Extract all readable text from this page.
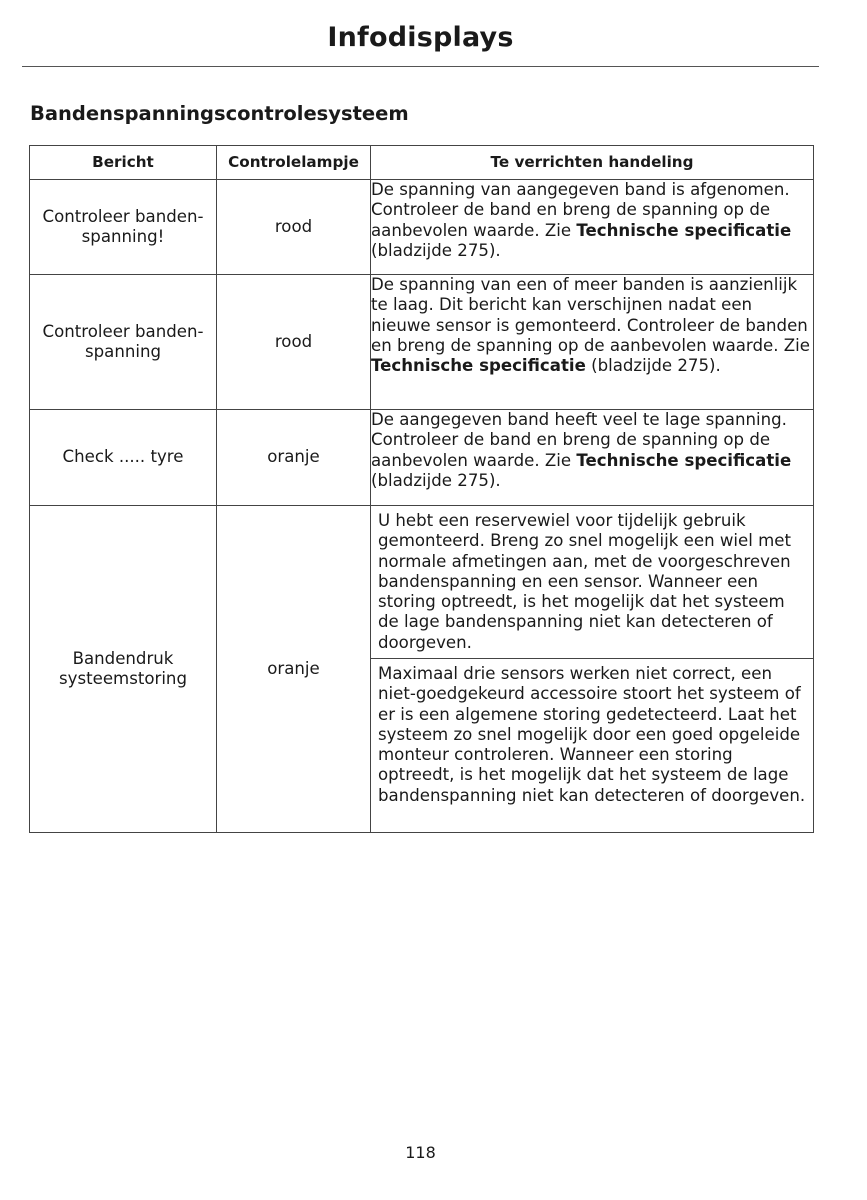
Infodisplays
Bandenspanningscontrolesysteem
Bericht	Controlelampje	Te verrichten handeling
Controleer banden-spanning!	rood	De spanning van aangegeven band is afgenomen. Controleer de band en breng de spanning op de aanbevolen waarde. Zie Technische specificatie (bladzijde 275).
Controleer banden-spanning	rood	De spanning van een of meer banden is aanzienlijk te laag. Dit bericht kan verschijnen nadat een nieuwe sensor is gemonteerd. Controleer de banden en breng de spanning op de aanbevolen waarde. Zie Technische specificatie (bladzijde 275).
Check ..... tyre	oranje	De aangegeven band heeft veel te lage spanning. Controleer de band en breng de spanning op de aanbevolen waarde. Zie Technische specificatie (bladzijde 275).
Bandendruk systeemstoring	oranje	U hebt een reservewiel voor tijdelijk gebruik gemonteerd. Breng zo snel mogelijk een wiel met normale afmetingen aan, met de voorgeschreven bandenspanning en een sensor. Wanneer een storing optreedt, is het mogelijk dat het systeem de lage bandenspanning niet kan detecteren of doorgeven.
Maximaal drie sensors werken niet correct, een niet-goedgekeurd accessoire stoort het systeem of er is een algemene storing gedetecteerd. Laat het systeem zo snel mogelijk door een goed opgeleide monteur controleren. Wanneer een storing optreedt, is het mogelijk dat het systeem de lage bandenspanning niet kan detecteren of doorgeven.
118
